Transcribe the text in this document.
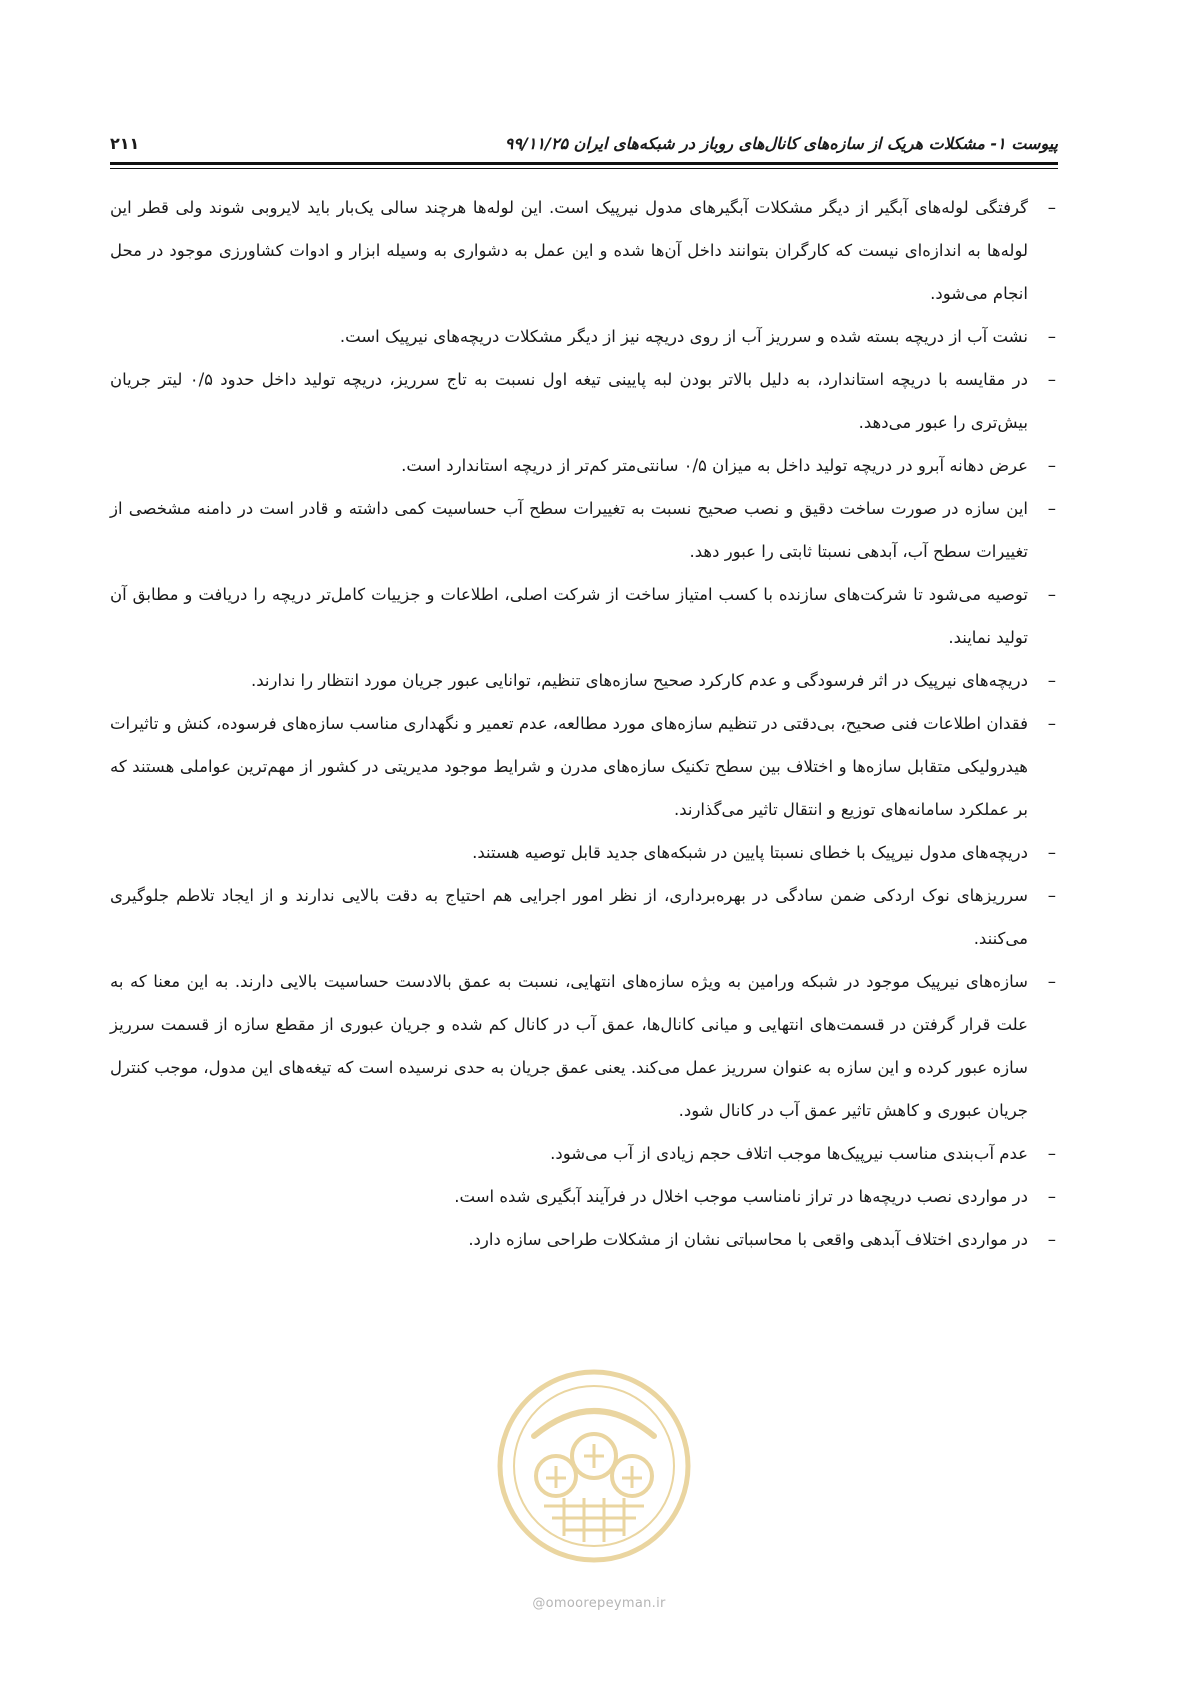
پیوست ۱- مشکلات هریک از سازه‌های کانال‌های روباز در شبکه‌های ایران ۹۹/۱۱/۲۵
۲۱۱
–
گرفتگی لوله‌های آبگیر از دیگر مشکلات آبگیرهای مدول نیرپیک است. این لوله‌ها هرچند سالی یک‌بار باید لایروبی شوند ولی قطر این لوله‌ها به اندازه‌ای نیست که کارگران بتوانند داخل آن‌ها شده و این عمل به دشواری به وسیله ابزار و ادوات کشاورزی موجود در محل انجام می‌شود.
–
نشت آب از دریچه بسته شده و سرریز آب از روی دریچه نیز از دیگر مشکلات دریچه‌های نیرپیک است.
–
در مقایسه با دریچه استاندارد، به دلیل بالاتر بودن لبه پایینی تیغه اول نسبت به تاج سرریز، دریچه تولید داخل حدود ۰/۵ لیتر جریان بیش‌تری را عبور می‌دهد.
–
عرض دهانه آبرو در دریچه تولید داخل به میزان ۰/۵ سانتی‌متر کم‌تر از دریچه استاندارد است.
–
این سازه در صورت ساخت دقیق و نصب صحیح نسبت به تغییرات سطح آب حساسیت کمی داشته و قادر است در دامنه مشخصی از تغییرات سطح آب، آبدهی نسبتا ثابتی را عبور دهد.
–
توصیه می‌شود تا شرکت‌های سازنده با کسب امتیاز ساخت از شرکت اصلی، اطلاعات و جزییات کامل‌تر دریچه را دریافت و مطابق آن تولید نمایند.
–
دریچه‌های نیرپیک در اثر فرسودگی و عدم کارکرد صحیح سازه‌های تنظیم، توانایی عبور جریان مورد انتظار را ندارند.
–
فقدان اطلاعات فنی صحیح، بی‌دقتی در تنظیم سازه‌های مورد مطالعه، عدم تعمیر و نگهداری مناسب سازه‌های فرسوده، کنش و تاثیرات هیدرولیکی متقابل سازه‌ها و اختلاف بین سطح تکنیک سازه‌های مدرن و شرایط موجود مدیریتی در کشور از مهم‌ترین عواملی هستند که بر عملکرد سامانه‌های توزیع و انتقال تاثیر می‌گذارند.
–
دریچه‌های مدول نیرپیک با خطای نسبتا پایین در شبکه‌های جدید قابل توصیه هستند.
–
سرریزهای نوک اردکی ضمن سادگی در بهره‌برداری، از نظر امور اجرایی هم احتیاج به دقت بالایی ندارند و از ایجاد تلاطم جلوگیری می‌کنند.
–
سازه‌های نیرپیک موجود در شبکه ورامین به ویژه سازه‌های انتهایی، نسبت به عمق بالادست حساسیت بالایی دارند. به این معنا که به علت قرار گرفتن در قسمت‌های انتهایی و میانی کانال‌ها، عمق آب در کانال کم شده و جریان عبوری از مقطع سازه از قسمت سرریز سازه عبور کرده و این سازه به عنوان سرریز عمل می‌کند. یعنی عمق جریان به حدی نرسیده است که تیغه‌های این مدول، موجب کنترل جریان عبوری و کاهش تاثیر عمق آب در کانال شود.
–
عدم آب‌بندی مناسب نیرپیک‌ها موجب اتلاف حجم زیادی از آب می‌شود.
–
در مواردی نصب دریچه‌ها در تراز نامناسب موجب اخلال در فرآیند آبگیری شده است.
–
در مواردی اختلاف آبدهی واقعی با محاسباتی نشان از مشکلات طراحی سازه دارد.
@omoorepeyman.ir
